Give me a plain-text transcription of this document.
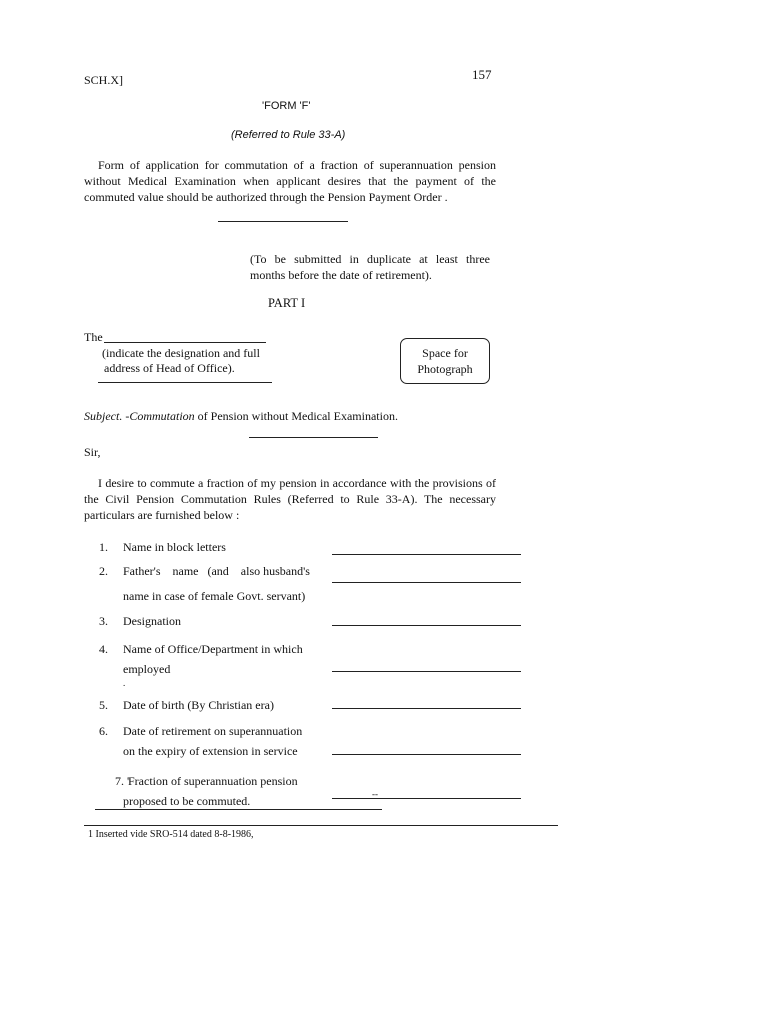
SCH.X]	157
'FORM 'F'
(Referred to Rule 33-A)
Form of application for commutation of a fraction of superannuation pension without Medical Examination when applicant desires that the payment of the commuted value should be authorized through the Pension Payment Order .
(To be submitted in duplicate at least three months before the date of retirement).
PART I
The
(indicate the designation and full
address of Head of Office).
Space for
Photograph
Subject. -Commutation of Pension without Medical Examination.
Sir,
I desire to commute a fraction of my pension in accordance with the provisions of the Civil Pension Commutation Rules (Referred to Rule 33-A). The necessary particulars are furnished below :
1. Name in block letters
2. Father's    name   (and    also husband's
name in case of female Govt. servant)
3. Designation
4. Name of Office/Department in which
employed
.
5. Date of birth (By Christian era)
6. Date of retirement on superannuation
on the expiry of extension in service
7. '
Fraction of superannuation pension
proposed to be commuted.	--
1 Inserted vide SRO-514 dated 8-8-1986,
